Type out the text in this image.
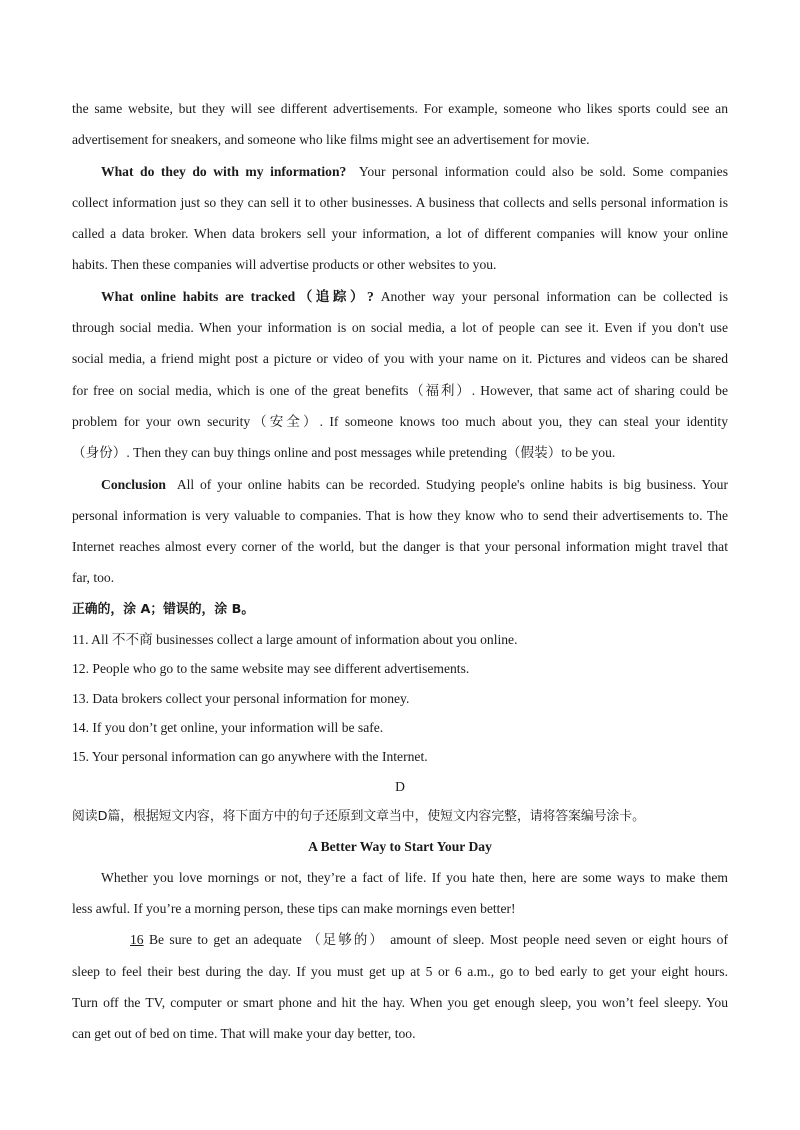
the same website, but they will see different advertisements. For example, someone who likes sports could see an

advertisement for sneakers, and someone who like films might see an advertisement for movie.

What do they do with my information? Your personal information could also be sold. Some companies

collect information just so they can sell it to other businesses. A business that collects and sells personal information is

called a data broker. When data brokers sell your information, a lot of different companies will know your online

habits. Then these companies will advertise products or other websites to you.

What online habits are tracked（追踪）? Another way your personal information can be collected is

through social media. When your information is on social media, a lot of people can see it. Even if you don't use

social media, a friend might post a picture or video of you with your name on it. Pictures and videos can be shared

for free on social media, which is one of the great benefits（福利）. However, that same act of sharing could be

problem for your own security（安全）. If someone knows too much about you, they can steal your identity

（身份）. Then they can buy things online and post messages while pretending（假装）to be you.

Conclusion All of your online habits can be recorded. Studying people's online habits is big business. Your

personal information is very valuable to companies. That is how they know who to send their advertisements to. The

Internet reaches almost every corner of the world, but the danger is that your personal information might travel that

far, too.

正确的，涂 A；错误的，涂 B。

11. All 不不商 businesses collect a large amount of information about you online.

12. People who go to the same website may see different advertisements.

13. Data brokers collect your personal information for money.

14. If you don’t get online, your information will be safe.

15. Your personal information can go anywhere with the Internet.

D

阅读D篇，根据短文内容，将下面方中的句子还原到文章当中，使短文内容完整，请将答案编号涂卡。

A Better Way to Start Your Day

Whether you love mornings or not, they’re a fact of life. If you hate then, here are some ways to make them

less awful. If you’re a morning person, these tips can make mornings even better!

16 Be sure to get an adequate （足够的） amount of sleep. Most people need seven or eight hours of

sleep to feel their best during the day. If you must get up at 5 or 6 a.m., go to bed early to get your eight hours.

Turn off the TV, computer or smart phone and hit the hay. When you get enough sleep, you won’t feel sleepy. You

can get out of bed on time. That will make your day better, too.
